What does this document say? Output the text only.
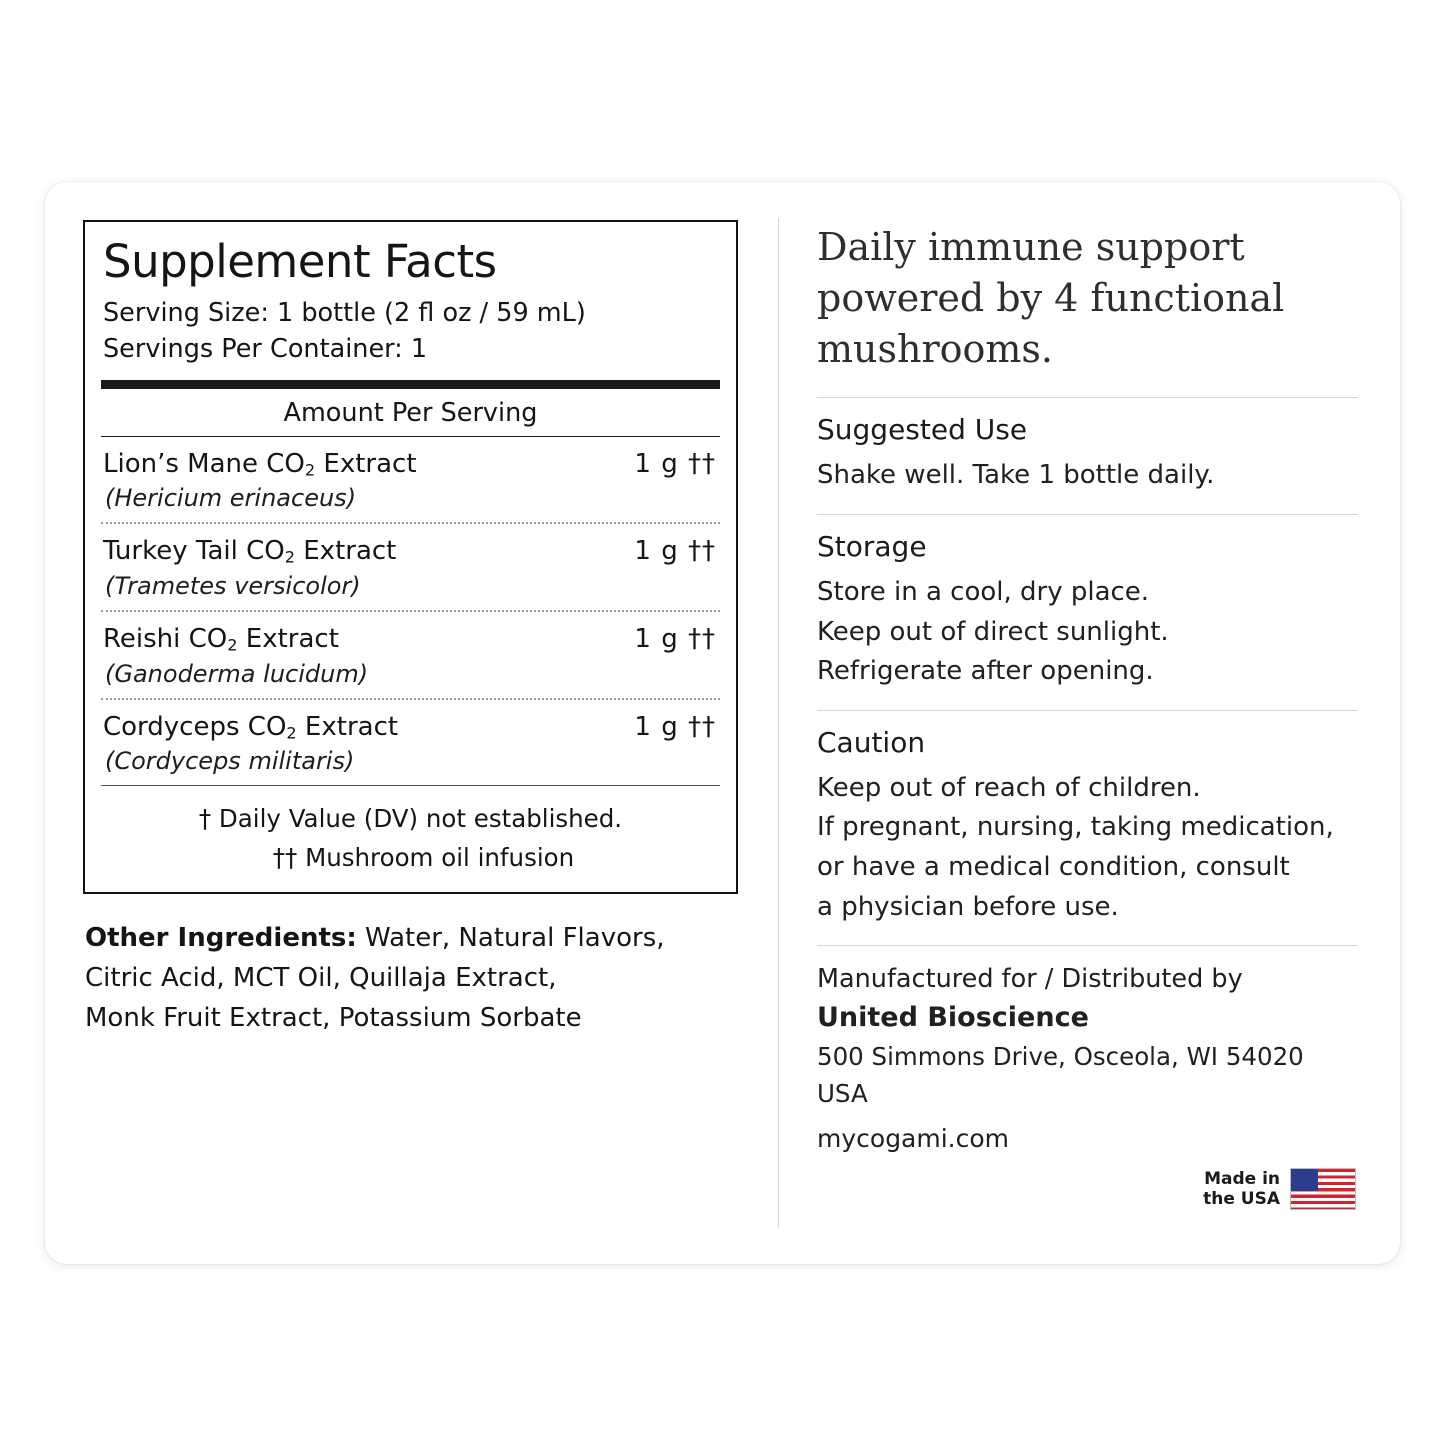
Supplement Facts
Serving Size: 1 bottle (2 fl oz / 59 mL)
Servings Per Container: 1
Amount Per Serving
Lion’s Mane $CO_2$ Extract	1 g ††
(Hericium erinaceus)
Turkey Tail $CO_2$ Extract	1 g ††
(Trametes versicolor)
Reishi $CO_2$ Extract	1 g ††
(Ganoderma lucidum)
Cordyceps $CO_2$ Extract	1 g ††
(Cordyceps militaris)
† Daily Value (DV) not established.
†† Mushroom oil infusion
Other Ingredients: Water, Natural Flavors,
Citric Acid, MCT Oil, Quillaja Extract,
Monk Fruit Extract, Potassium Sorbate
Daily immune support powered by 4 functional mushrooms.
Suggested Use
Shake well. Take 1 bottle daily.
Storage
Store in a cool, dry place.
Keep out of direct sunlight.
Refrigerate after opening.
Caution
Keep out of reach of children.
If pregnant, nursing, taking medication,
or have a medical condition, consult
a physician before use.
Manufactured for / Distributed by
United Bioscience
500 Simmons Drive, Osceola, WI 54020 USA
mycogami.com
Made in
the USA
